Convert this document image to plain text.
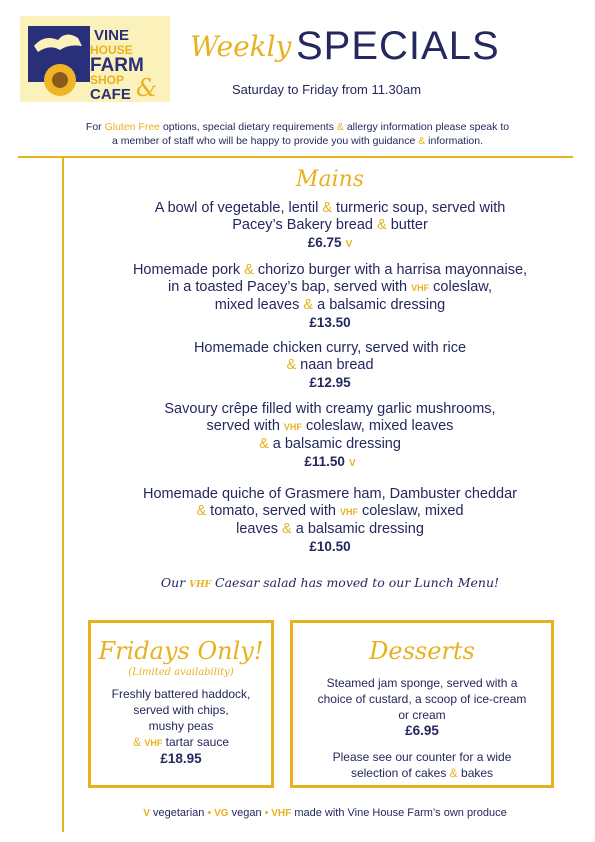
VINE
HOUSE
FARM
SHOP
CAFE &
Weekly SPECIALS
Saturday to Friday from 11.30am
For Gluten Free options, special dietary requirements & allergy information please speak to
a member of staff who will be happy to provide you with guidance & information.
Mains
A bowl of vegetable, lentil & turmeric soup, served with
Pacey’s Bakery bread & butter
£6.75 V
Homemade pork & chorizo burger with a harrisa mayonnaise,
in a toasted Pacey’s bap, served with VHF coleslaw,
mixed leaves & a balsamic dressing
£13.50
Homemade chicken curry, served with rice
& naan bread
£12.95
Savoury crêpe filled with creamy garlic mushrooms,
served with VHF coleslaw, mixed leaves
& a balsamic dressing
£11.50 V
Homemade quiche of Grasmere ham, Dambuster cheddar
& tomato, served with VHF coleslaw, mixed
leaves & a balsamic dressing
£10.50
Our VHF Caesar salad has moved to our Lunch Menu!
Fridays Only!
(Limited availability)
Freshly battered haddock,
served with chips,
mushy peas
& VHF tartar sauce
£18.95
Desserts
Steamed jam sponge, served with a
choice of custard, a scoop of ice-cream
or cream
£6.95
Please see our counter for a wide
selection of cakes & bakes
V vegetarian • VG vegan • VHF made with Vine House Farm’s own produce
